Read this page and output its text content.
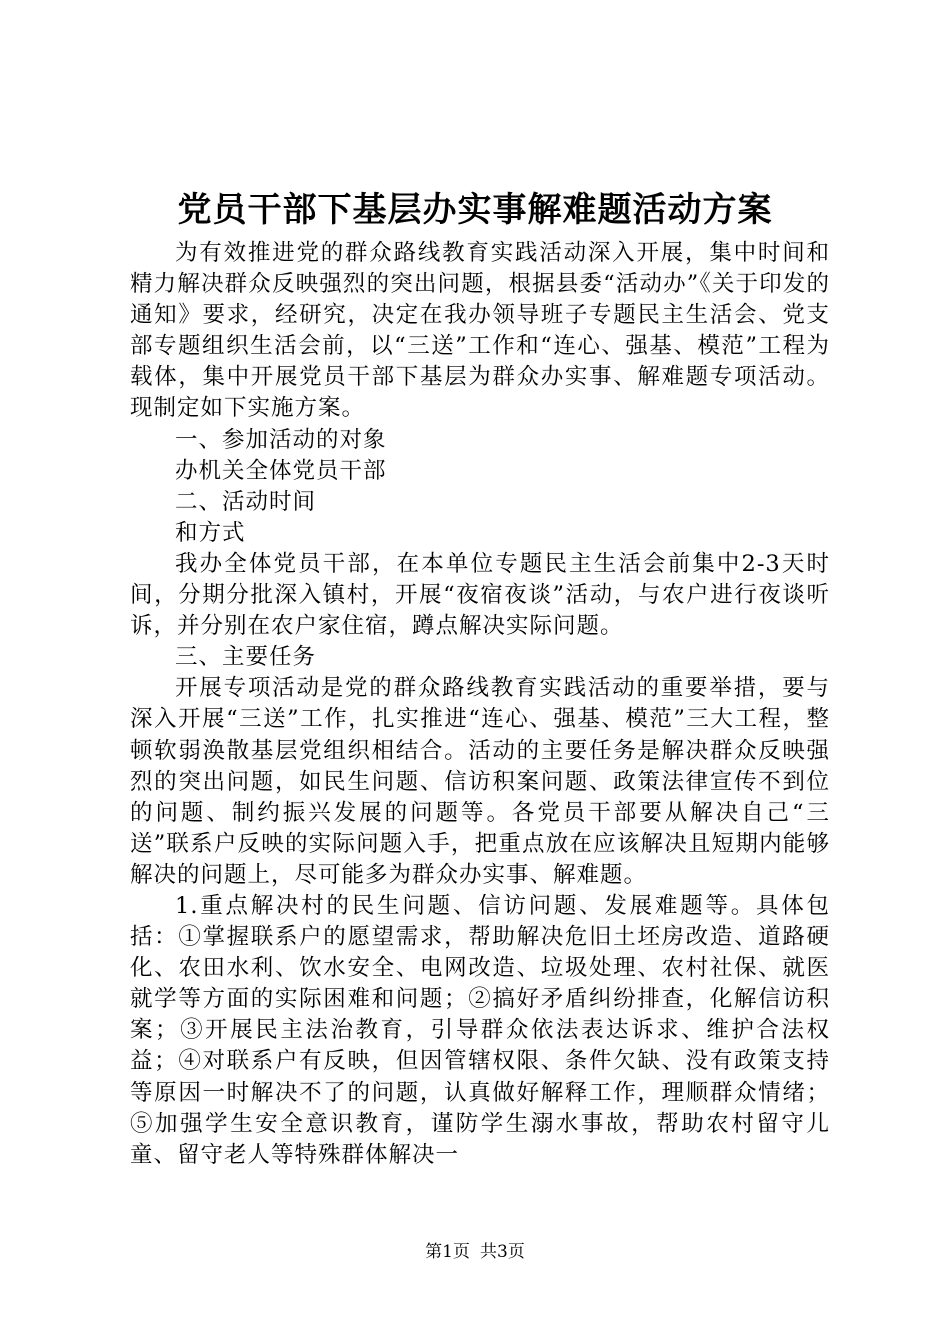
党员干部下基层办实事解难题活动方案

为有效推进党的群众路线教育实践活动深入开展，集中时间和精力解决群众反映强烈的突出问题，根据县委“活动办”《关于印发的通知》要求，经研究，决定在我办领导班子专题民主生活会、党支部专题组织生活会前，以“三送”工作和“连心、强基、模范”工程为载体，集中开展党员干部下基层为群众办实事、解难题专项活动。现制定如下实施方案。

一、参加活动的对象

办机关全体党员干部

二、活动时间

和方式

我办全体党员干部，在本单位专题民主生活会前集中2-3天时间，分期分批深入镇村，开展“夜宿夜谈”活动，与农户进行夜谈听诉，并分别在农户家住宿，蹲点解决实际问题。

三、主要任务

开展专项活动是党的群众路线教育实践活动的重要举措，要与深入开展“三送”工作，扎实推进“连心、强基、模范”三大工程，整顿软弱涣散基层党组织相结合。活动的主要任务是解决群众反映强烈的突出问题，如民生问题、信访积案问题、政策法律宣传不到位的问题、制约振兴发展的问题等。各党员干部要从解决自己“三送”联系户反映的实际问题入手，把重点放在应该解决且短期内能够解决的问题上，尽可能多为群众办实事、解难题。

1.重点解决村的民生问题、信访问题、发展难题等。具体包括：①掌握联系户的愿望需求，帮助解决危旧土坯房改造、道路硬化、农田水利、饮水安全、电网改造、垃圾处理、农村社保、就医就学等方面的实际困难和问题；②搞好矛盾纠纷排查，化解信访积案；③开展民主法治教育，引导群众依法表达诉求、维护合法权益；④对联系户有反映，但因管辖权限、条件欠缺、没有政策支持等原因一时解决不了的问题，认真做好解释工作，理顺群众情绪；⑤加强学生安全意识教育，谨防学生溺水事故，帮助农村留守儿童、留守老人等特殊群体解决一

第1页 共3页
